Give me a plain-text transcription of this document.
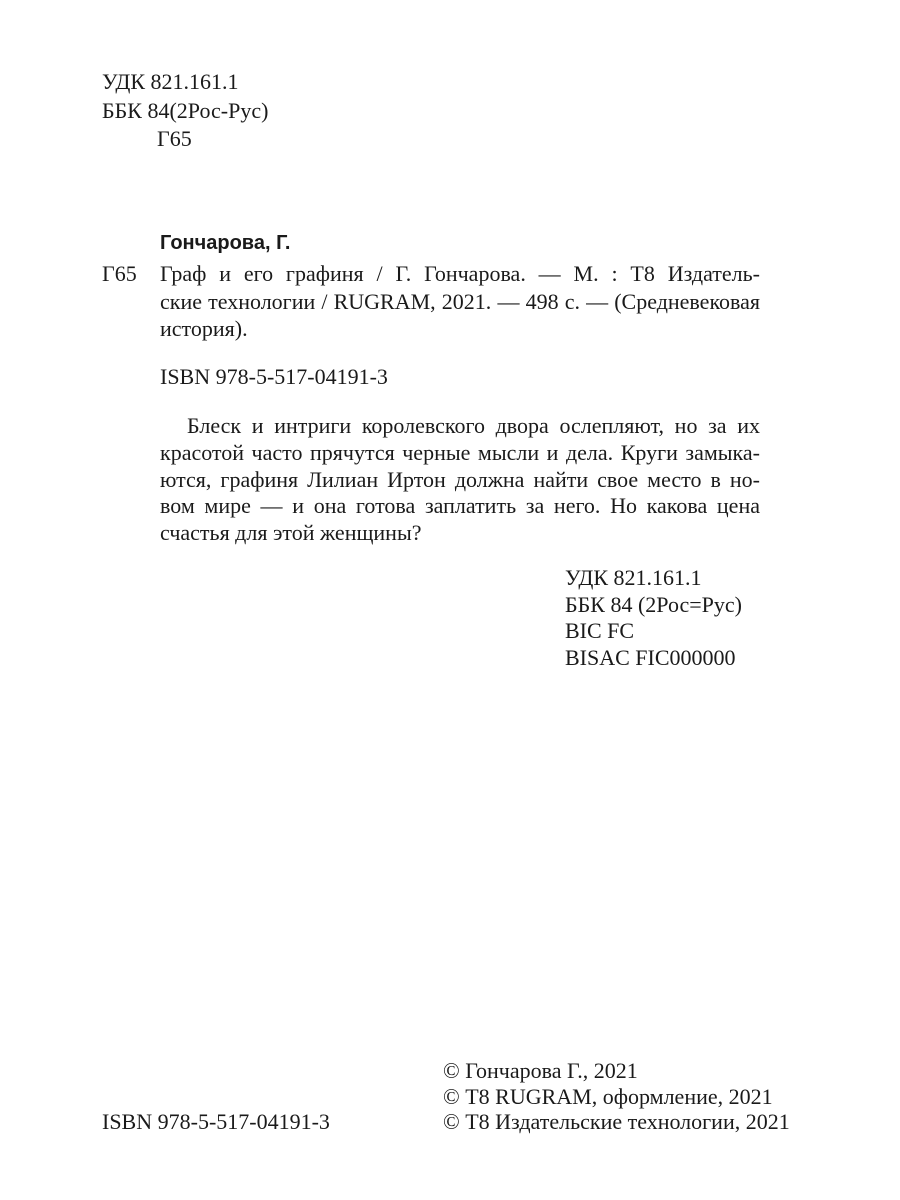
УДК 821.161.1
ББК 84(2Рос-Рус)
Г65
Гончарова, Г.
Г65 Граф и его графиня / Г. Гончарова. — М. : Т8 Издатель-
ские технологии / RUGRAM, 2021. — 498 с. — (Средневековая
история).
ISBN 978-5-517-04191-3
Блеск и интриги королевского двора ослепляют, но за их
красотой часто прячутся черные мысли и дела. Круги замыка-
ются, графиня Лилиан Иртон должна найти свое место в но-
вом мире — и она готова заплатить за него. Но какова цена
счастья для этой женщины?
УДК 821.161.1
ББК 84 (2Рос=Рус)
BIC FC
BISAC FIC000000
© Гончарова Г., 2021
© Т8 RUGRAM, оформление, 2021
ISBN 978-5-517-04191-3	© Т8 Издательские технологии, 2021
